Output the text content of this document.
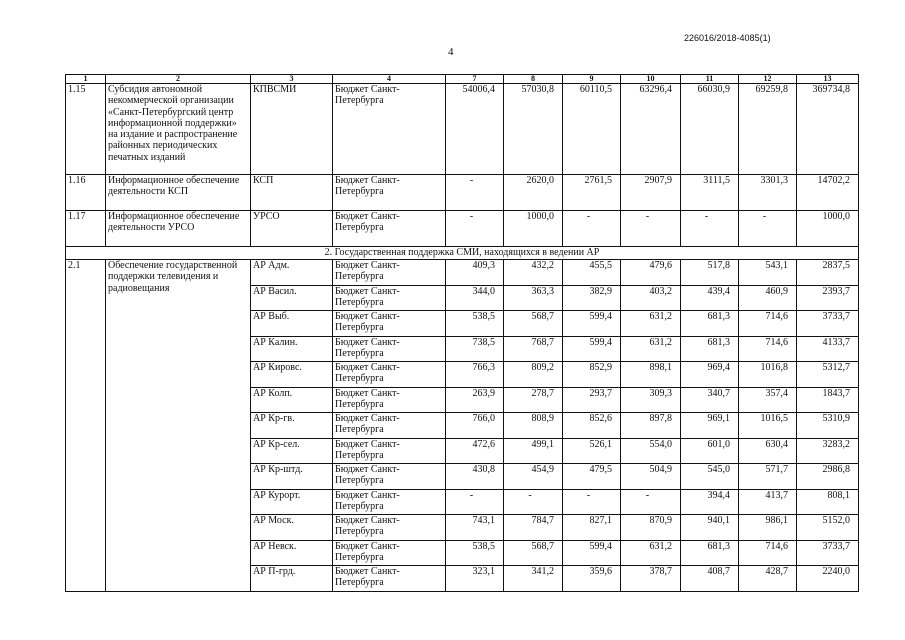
226016/2018-4085(1)
4
1	2	3	4	7	8	9	10	11	12	13
1.15	Субсидия автономной некоммерческой организации «Санкт-Петербургский центр информационной поддержки» на издание и распространение районных периодических печатных изданий	КПВСМИ	Бюджет Санкт-Петербурга	54006,4	57030,8	60110,5	63296,4	66030,9	69259,8	369734,8
1.16	Информационное обеспечение деятельности КСП	КСП	Бюджет Санкт-Петербурга	-	2620,0	2761,5	2907,9	3111,5	3301,3	14702,2
1.17	Информационное обеспечение деятельности УРСО	УРСО	Бюджет Санкт-Петербурга	-	1000,0	-	-	-	-	1000,0
2. Государственная поддержка СМИ, находящихся в ведении АР										
2.1	Обеспечение государственной поддержки телевидения и радиовещания	АР Адм.	Бюджет Санкт-Петербурга	409,3	432,2	455,5	479,6	517,8	543,1	2837,5
		АР Васил.	Бюджет Санкт-Петербурга	344,0	363,3	382,9	403,2	439,4	460,9	2393,7
		АР Выб.	Бюджет Санкт-Петербурга	538,5	568,7	599,4	631,2	681,3	714,6	3733,7
		АР Калин.	Бюджет Санкт-Петербурга	738,5	768,7	599,4	631,2	681,3	714,6	4133,7
		АР Кировс.	Бюджет Санкт-Петербурга	766,3	809,2	852,9	898,1	969,4	1016,8	5312,7
		АР Колп.	Бюджет Санкт-Петербурга	263,9	278,7	293,7	309,3	340,7	357,4	1843,7
		АР Кр-гв.	Бюджет Санкт-Петербурга	766,0	808,9	852,6	897,8	969,1	1016,5	5310,9
		АР Кр-сел.	Бюджет Санкт-Петербурга	472,6	499,1	526,1	554,0	601,0	630,4	3283,2
		АР Кр-штд.	Бюджет Санкт-Петербурга	430,8	454,9	479,5	504,9	545,0	571,7	2986,8
		АР Курорт.	Бюджет Санкт-Петербурга	-	-	-	-	394,4	413,7	808,1
		АР Моск.	Бюджет Санкт-Петербурга	743,1	784,7	827,1	870,9	940,1	986,1	5152,0
		АР Невск.	Бюджет Санкт-Петербурга	538,5	568,7	599,4	631,2	681,3	714,6	3733,7
		АР П-грд.	Бюджет Санкт-Петербурга	323,1	341,2	359,6	378,7	408,7	428,7	2240,0
